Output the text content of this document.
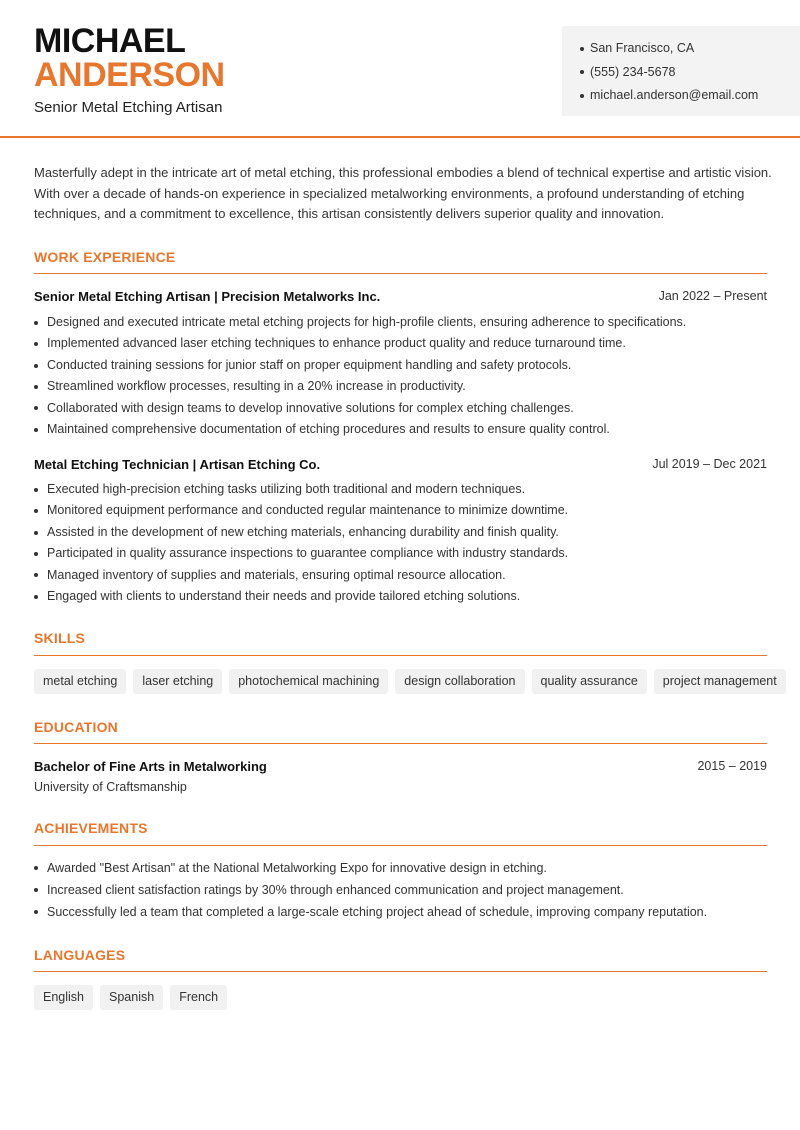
MICHAEL
ANDERSON
Senior Metal Etching Artisan
San Francisco, CA
(555) 234-5678
michael.anderson@email.com
Masterfully adept in the intricate art of metal etching, this professional embodies a blend of technical expertise and artistic vision. With over a decade of hands-on experience in specialized metalworking environments, a profound understanding of etching techniques, and a commitment to excellence, this artisan consistently delivers superior quality and innovation.
WORK EXPERIENCE
Senior Metal Etching Artisan | Precision Metalworks Inc.	Jan 2022 – Present
Designed and executed intricate metal etching projects for high-profile clients, ensuring adherence to specifications.
Implemented advanced laser etching techniques to enhance product quality and reduce turnaround time.
Conducted training sessions for junior staff on proper equipment handling and safety protocols.
Streamlined workflow processes, resulting in a 20% increase in productivity.
Collaborated with design teams to develop innovative solutions for complex etching challenges.
Maintained comprehensive documentation of etching procedures and results to ensure quality control.
Metal Etching Technician | Artisan Etching Co.	Jul 2019 – Dec 2021
Executed high-precision etching tasks utilizing both traditional and modern techniques.
Monitored equipment performance and conducted regular maintenance to minimize downtime.
Assisted in the development of new etching materials, enhancing durability and finish quality.
Participated in quality assurance inspections to guarantee compliance with industry standards.
Managed inventory of supplies and materials, ensuring optimal resource allocation.
Engaged with clients to understand their needs and provide tailored etching solutions.
SKILLS
metal etching	laser etching	photochemical machining	design collaboration	quality assurance	project management
EDUCATION
Bachelor of Fine Arts in Metalworking	2015 – 2019
University of Craftsmanship
ACHIEVEMENTS
Awarded "Best Artisan" at the National Metalworking Expo for innovative design in etching.
Increased client satisfaction ratings by 30% through enhanced communication and project management.
Successfully led a team that completed a large-scale etching project ahead of schedule, improving company reputation.
LANGUAGES
English	Spanish	French
